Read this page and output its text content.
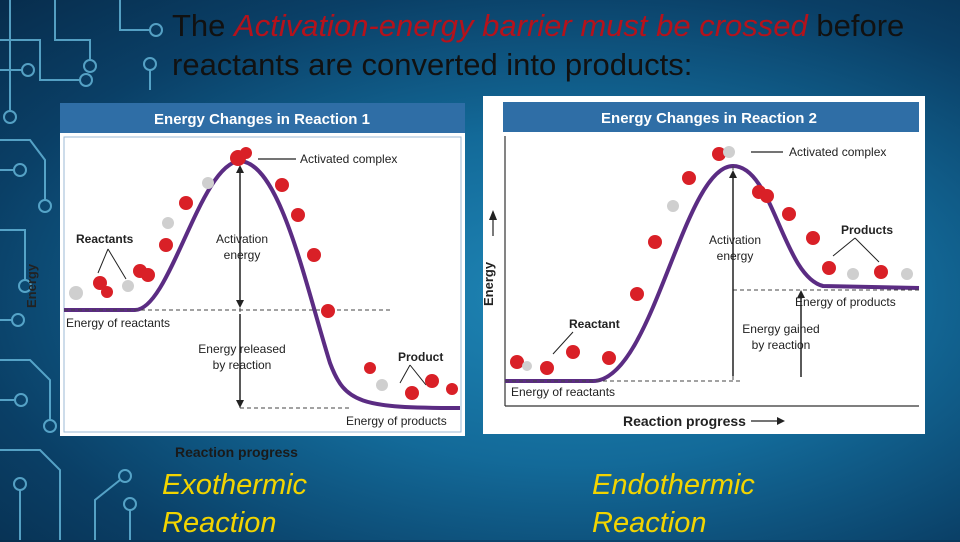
The Activation-energy barrier must be crossed before reactants are converted into products:
Energy Changes in Reaction 1
Activated complex
Reactants	Activation
energy
Energy of reactants
Energy released
by reaction
Product
Energy of products
Energy
Reaction progress
Energy Changes in Reaction 2
Energy
Reaction progress
Activated complex
Products
Activation
energy
Energy of products
Reactant	Energy gained
by reaction
Energy of reactants
Exothermic
Reaction
Endothermic
Reaction
